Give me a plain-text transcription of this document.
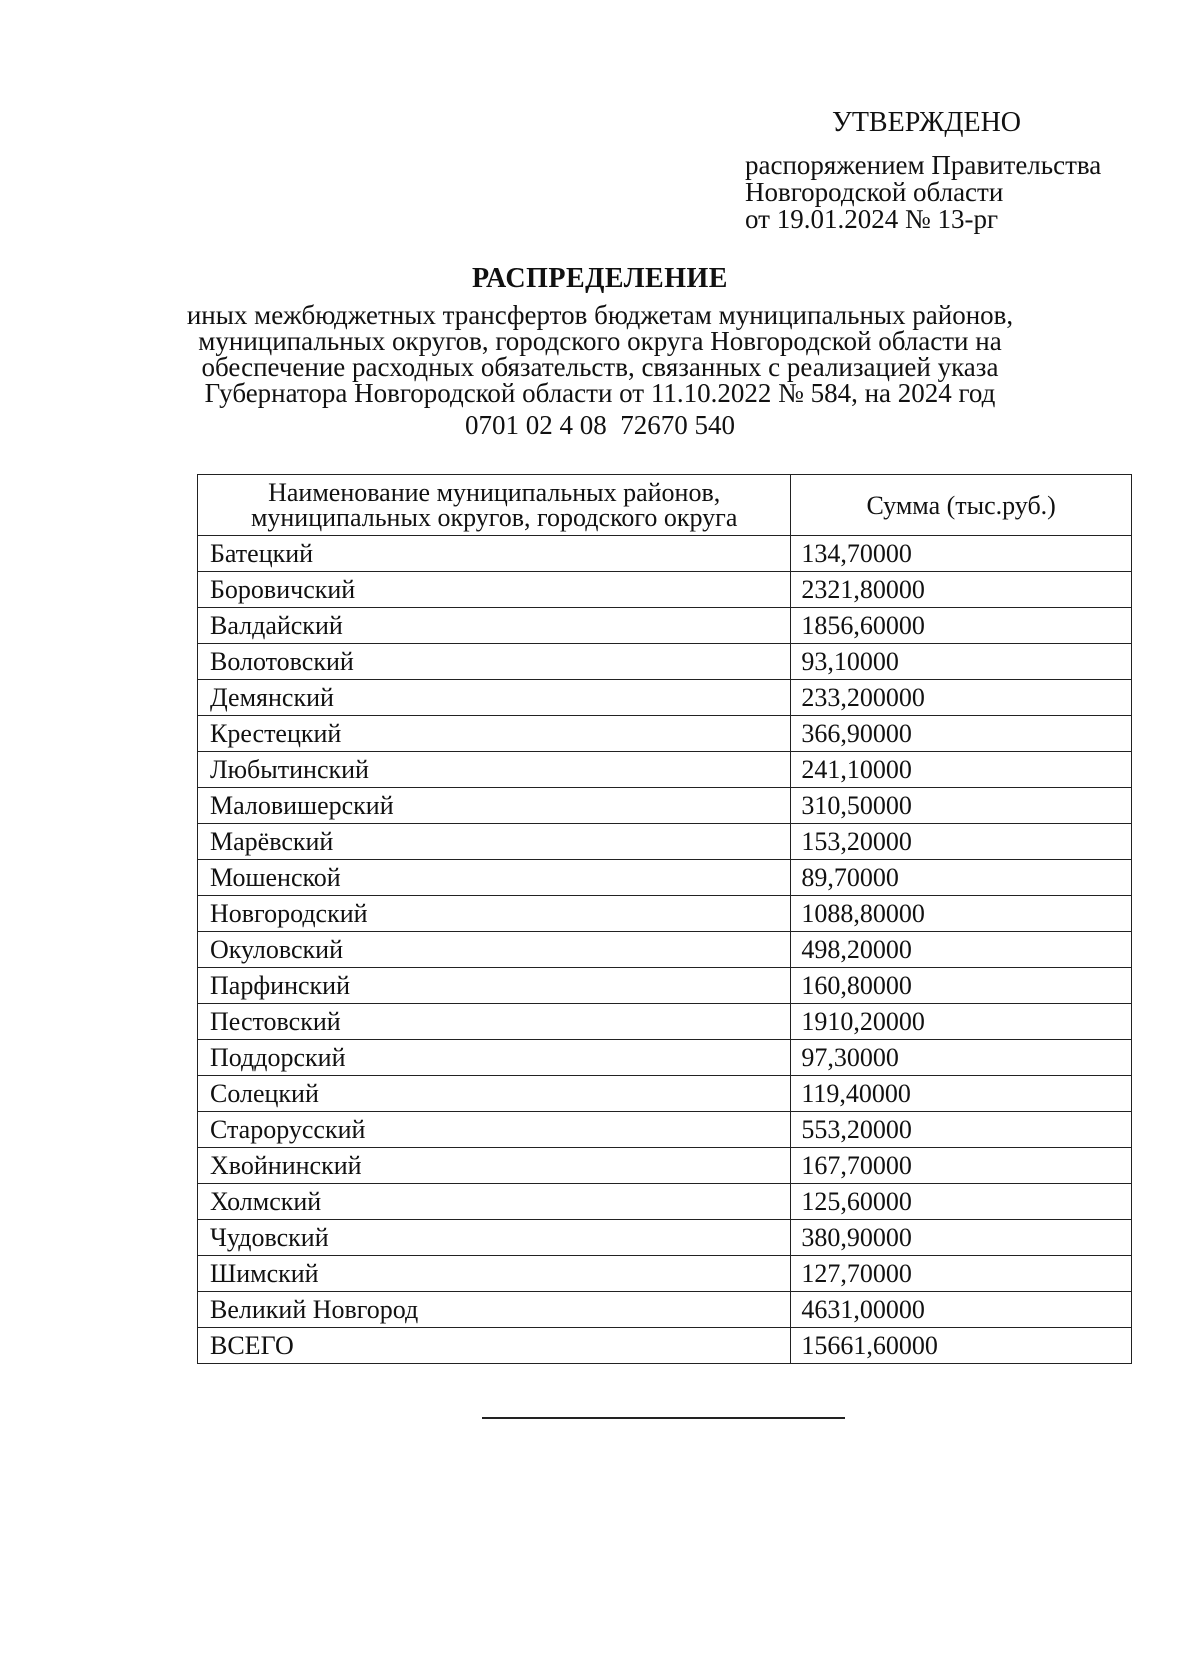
УТВЕРЖДЕНО
распоряжением Правительства
Новгородской области
от 19.01.2024 № 13-рг
РАСПРЕДЕЛЕНИЕ
иных межбюджетных трансфертов бюджетам муниципальных районов,
муниципальных округов, городского округа Новгородской области на
обеспечение расходных обязательств, связанных с реализацией указа
Губернатора Новгородской области от 11.10.2022 № 584, на 2024 год
0701 02 4 08  72670 540
Наименование муниципальных районов,
муниципальных округов, городского округа	Сумма (тыс.руб.)
Батецкий	134,70000
Боровичский	2321,80000
Валдайский	1856,60000
Волотовский	93,10000
Демянский	233,200000
Крестецкий	366,90000
Любытинский	241,10000
Маловишерский	310,50000
Марёвский	153,20000
Мошенской	89,70000
Новгородский	1088,80000
Окуловский	498,20000
Парфинский	160,80000
Пестовский	1910,20000
Поддорский	97,30000
Солецкий	119,40000
Старорусский	553,20000
Хвойнинский	167,70000
Холмский	125,60000
Чудовский	380,90000
Шимский	127,70000
Великий Новгород	4631,00000
ВСЕГО	15661,60000
